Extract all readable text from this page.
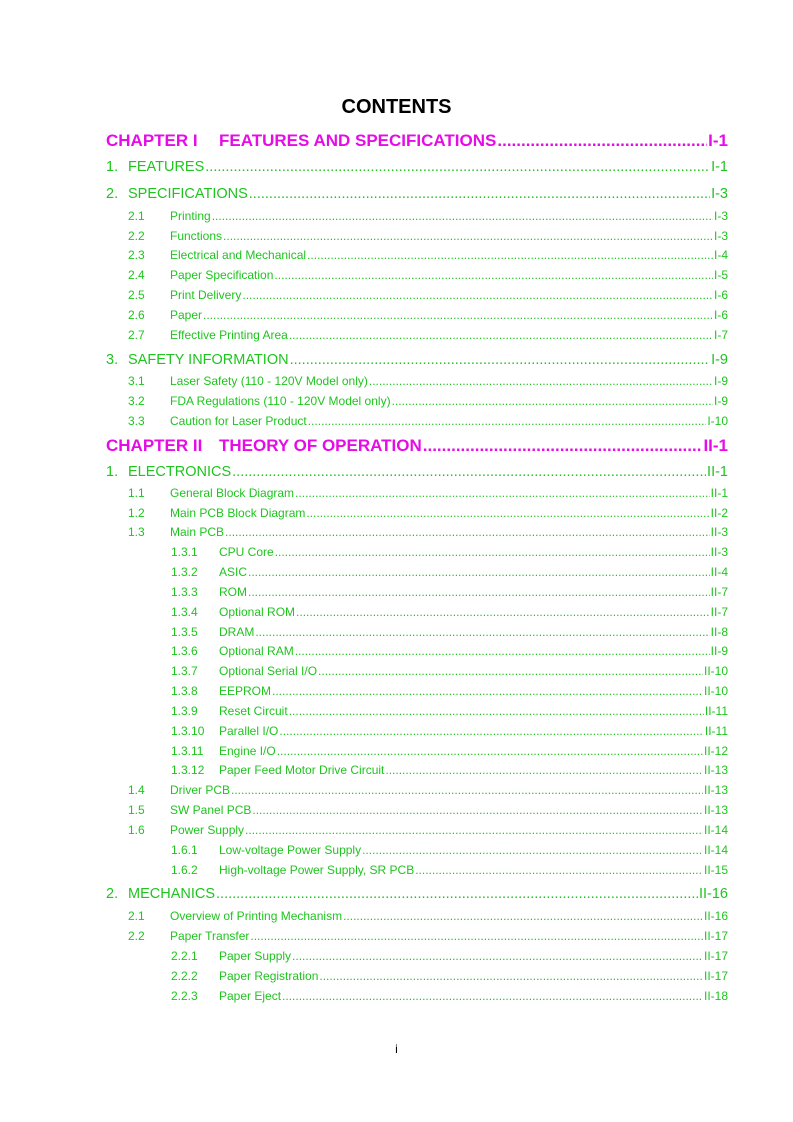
CONTENTS
CHAPTER I	FEATURES AND SPECIFICATIONS .....	I-1
1. FEATURES .....	I-1
2. SPECIFICATIONS .....	I-3
2.1	Printing .....	I-3
2.2	Functions .....	I-3
2.3	Electrical and Mechanical .....	I-4
2.4	Paper Specification .....	I-5
2.5	Print Delivery .....	I-6
2.6	Paper .....	I-6
2.7	Effective Printing Area .....	I-7
3. SAFETY INFORMATION .....	I-9
3.1	Laser Safety (110 - 120V Model only) .....	I-9
3.2	FDA Regulations (110 - 120V Model only) .....	I-9
3.3	Caution for Laser Product .....	I-10
CHAPTER II THEORY OF OPERATION .....	II-1
1. ELECTRONICS .....	II-1
1.1	General Block Diagram .....	II-1
1.2	Main PCB Block Diagram .....	II-2
1.3	Main PCB .....	II-3
1.3.1	CPU Core .....	II-3
1.3.2	ASIC .....	II-4
1.3.3	ROM .....	II-7
1.3.4	Optional ROM .....	II-7
1.3.5	DRAM .....	II-8
1.3.6	Optional RAM .....	II-9
1.3.7	Optional Serial I/O .....	II-10
1.3.8	EEPROM .....	II-10
1.3.9	Reset Circuit .....	II-11
1.3.10	Parallel I/O .....	II-11
1.3.11	Engine I/O .....	II-12
1.3.12	Paper Feed Motor Drive Circuit .....	II-13
1.4	Driver PCB .....	II-13
1.5	SW Panel PCB .....	II-13
1.6	Power Supply .....	II-14
1.6.1	Low-voltage Power Supply .....	II-14
1.6.2	High-voltage Power Supply, SR PCB .....	II-15
2. MECHANICS .....	II-16
2.1	Overview of Printing Mechanism .....	II-16
2.2	Paper Transfer .....	II-17
2.2.1	Paper Supply .....	II-17
2.2.2	Paper Registration .....	II-17
2.2.3	Paper Eject .....	II-18
i
